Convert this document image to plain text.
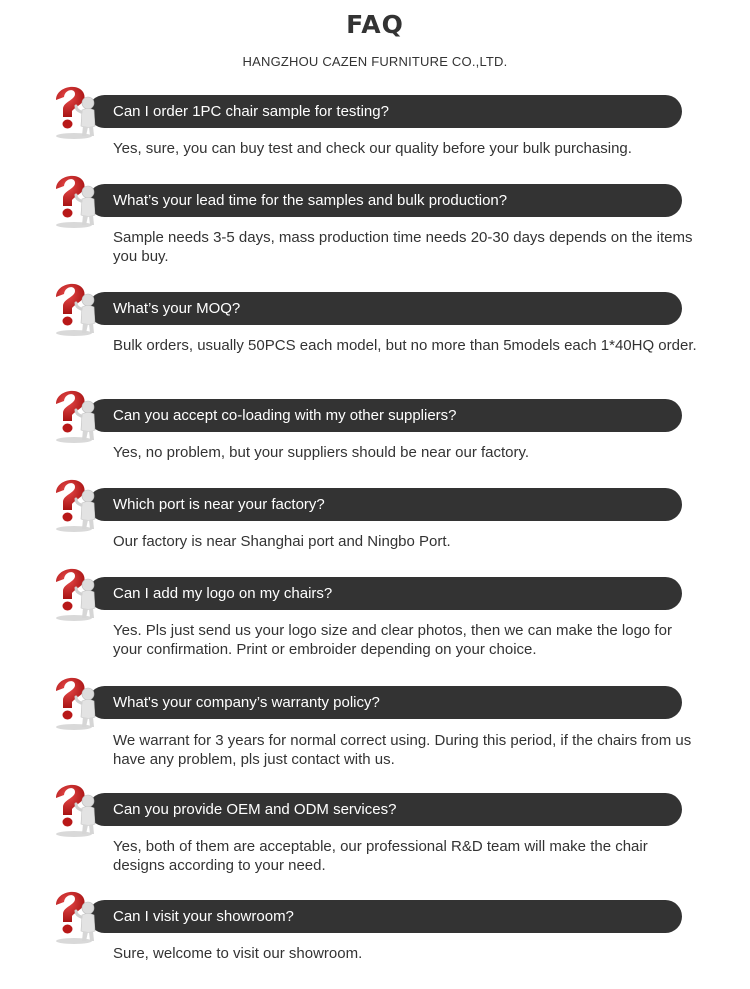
FAQ
HANGZHOU CAZEN FURNITURE CO.,LTD.
Can I order 1PC chair sample for testing?
Yes, sure, you can buy test and check our quality before your bulk purchasing.
What’s your lead time for the samples and bulk production?
Sample needs 3-5 days, mass production time needs 20-30 days depends on the items you buy.
What’s your MOQ?
Bulk orders, usually 50PCS each model, but no more than 5models each 1*40HQ order.
Can you accept co-loading with my other suppliers?
Yes, no problem, but your suppliers should be near our factory.
Which port is near your factory?
Our factory is near Shanghai port and Ningbo Port.
Can I add my logo on my chairs?
Yes. Pls just send us your logo size and clear photos, then we can make the logo for your confirmation. Print or embroider depending on your choice.
What's your company’s warranty policy?
We warrant for 3 years for normal correct using. During this period, if the chairs from us have any problem, pls just contact with us.
Can you provide OEM and ODM services?
Yes, both of them are acceptable, our professional R&D team will make the chair designs according to your need.
Can I visit your showroom?
Sure, welcome to visit our showroom.
